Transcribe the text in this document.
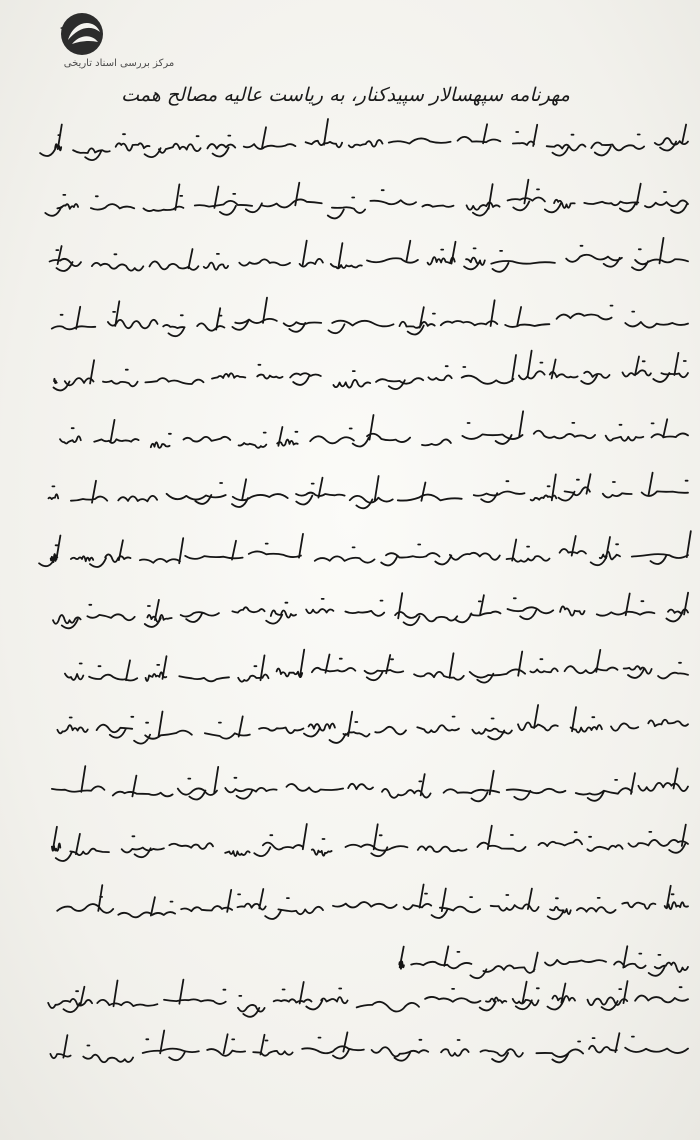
مرکز بررسی اسناد تاریخی
مهرنامه سپهسالار سپیدکنار، به ریاست عالیه مصالح همت
